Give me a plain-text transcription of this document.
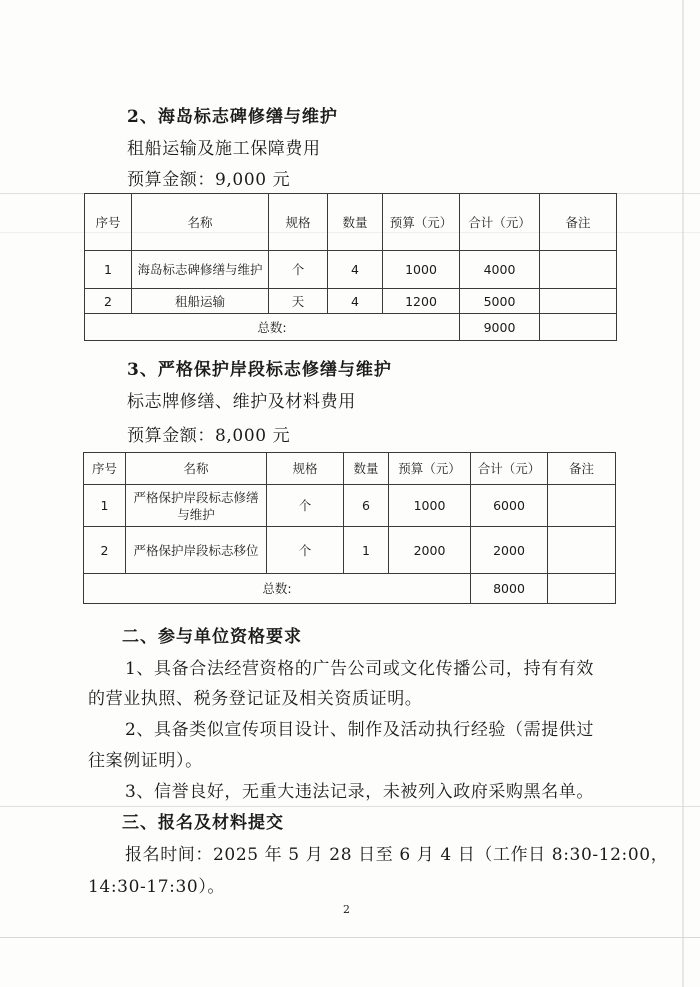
2、海岛标志碑修缮与维护
租船运输及施工保障费用
预算金额：9,000 元
序号	名称	规格	数量	预算（元）	合计（元）	备注
1	海岛标志碑修缮与维护	个	4	1000	4000	
2	租船运输	天	4	1200	5000	
总数:					9000	
3、严格保护岸段标志修缮与维护
标志牌修缮、维护及材料费用
预算金额：8,000 元
序号	名称	规格	数量	预算（元）	合计（元）	备注
1	严格保护岸段标志修缮与维护	个	6	1000	6000	
2	严格保护岸段标志移位	个	1	2000	2000	
总数:					8000	
二、参与单位资格要求
1、具备合法经营资格的广告公司或文化传播公司，持有有效
的营业执照、税务登记证及相关资质证明。
2、具备类似宣传项目设计、制作及活动执行经验（需提供过
往案例证明）。
3、信誉良好，无重大违法记录，未被列入政府采购黑名单。
三、报名及材料提交
报名时间：2025 年 5 月 28 日至 6 月 4 日（工作日 8:30-12:00，
14:30-17:30）。
2
